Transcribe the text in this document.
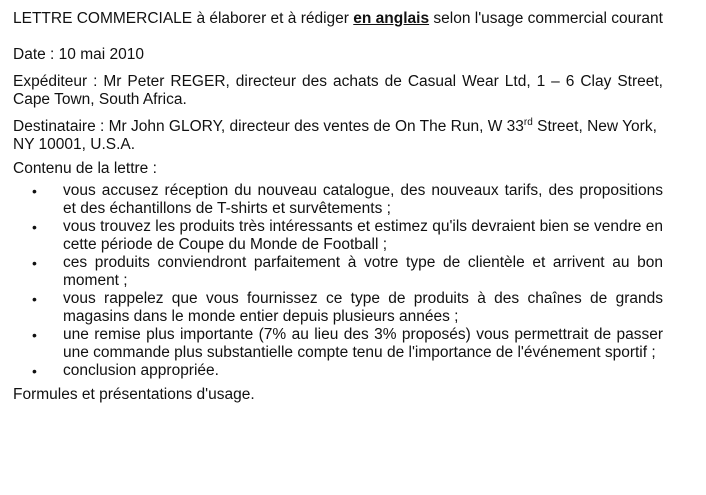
LETTRE COMMERCIALE à élaborer et à rédiger en anglais selon l'usage commercial courant

Date : 10 mai 2010
Expéditeur : Mr Peter REGER, directeur des achats de Casual Wear Ltd, 1 – 6 Clay Street, Cape Town, South Africa.
Destinataire : Mr John GLORY, directeur des ventes de On The Run, W 33rd Street, New York, NY 10001, U.S.A.
Contenu de la lettre :
• vous accusez réception du nouveau catalogue, des nouveaux tarifs, des propositions et des échantillons de T-shirts et survêtements ;
• vous trouvez les produits très intéressants et estimez qu'ils devraient bien se vendre en cette période de Coupe du Monde de Football ;
• ces produits conviendront parfaitement à votre type de clientèle et arrivent au bon moment ;
• vous rappelez que vous fournissez ce type de produits à des chaînes de grands magasins dans le monde entier depuis plusieurs années ;
• une remise plus importante (7% au lieu des 3% proposés) vous permettrait de passer une commande plus substantielle compte tenu de l'importance de l'événement sportif ;
• conclusion appropriée.
Formules et présentations d'usage.
